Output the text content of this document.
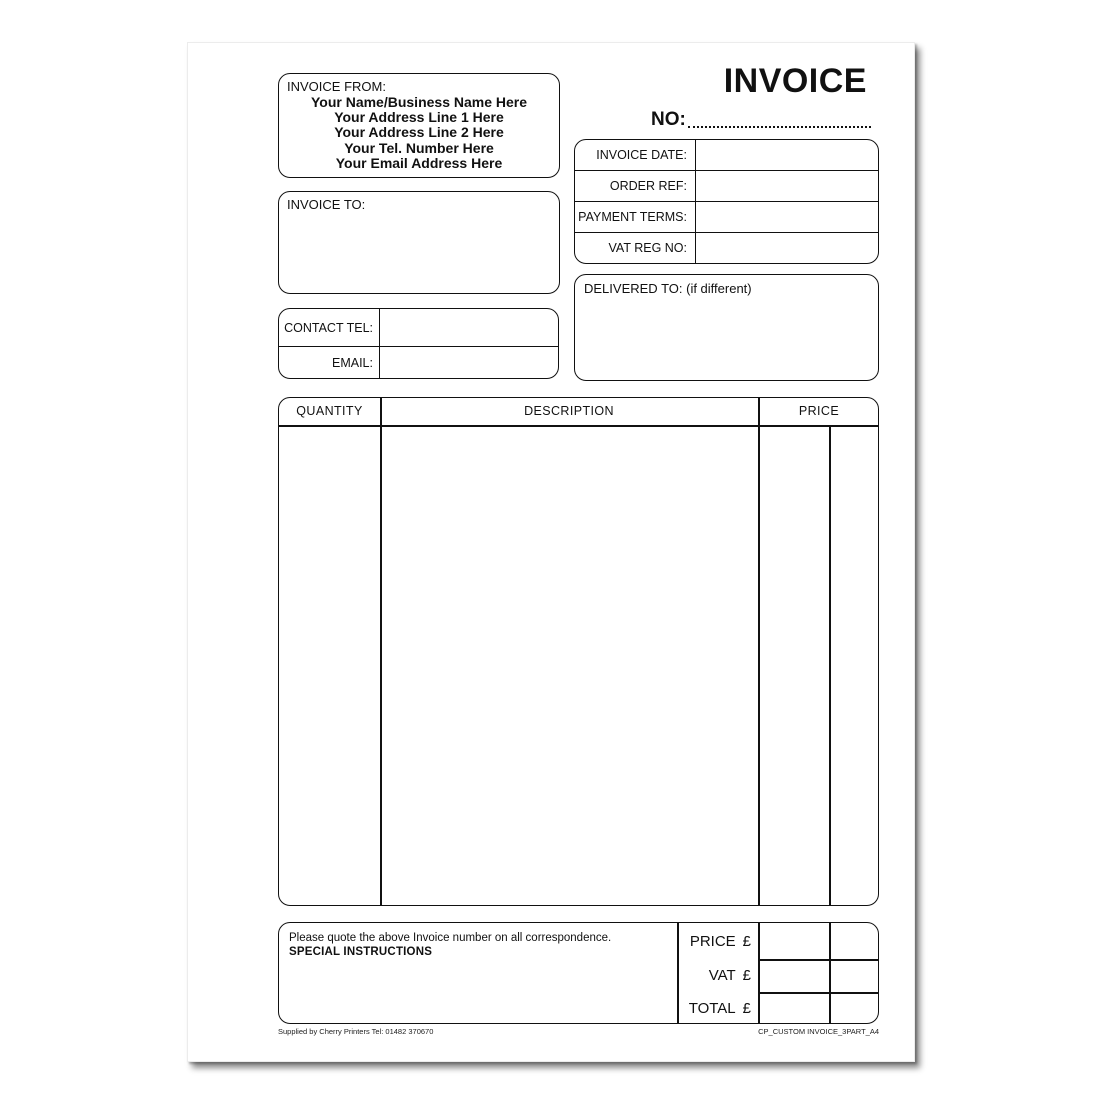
INVOICE FROM:
Your Name/Business Name Here
Your Address Line 1 Here
Your Address Line 2 Here
Your Tel. Number Here
Your Email Address Here
INVOICE
NO:
INVOICE DATE:
ORDER REF:
PAYMENT TERMS:
VAT REG NO:
INVOICE TO:
CONTACT TEL:
EMAIL:
DELIVERED TO: (if different)
QUANTITY	DESCRIPTION	PRICE
Please quote the above Invoice number on all correspondence.
SPECIAL INSTRUCTIONS
PRICE £
VAT £
TOTAL £
Supplied by Cherry Printers Tel: 01482 370670	CP_CUSTOM INVOICE_3PART_A4
